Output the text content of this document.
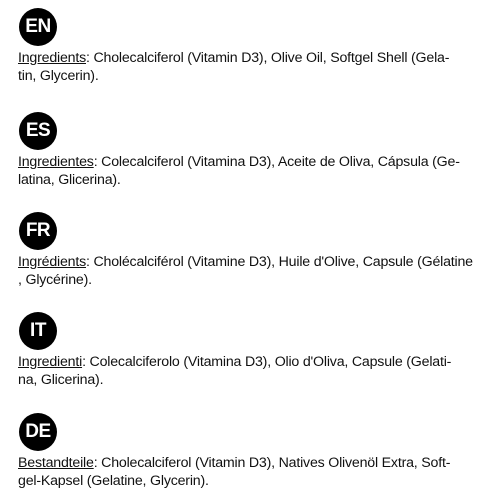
EN
Ingredients: Cholecalciferol (Vitamin D3), Olive Oil, Softgel Shell (Gela-
tin, Glycerin).
ES
Ingredientes: Colecalciferol (Vitamina D3), Aceite de Oliva, Cápsula (Ge-
latina, Glicerina).
FR
Ingrédients: Cholécalciférol (Vitamine D3), Huile d'Olive, Capsule (Gélatine
, Glycérine).
IT
Ingredienti: Colecalciferolo (Vitamina D3), Olio d'Oliva, Capsule (Gelati-
na, Glicerina).
DE
Bestandteile: Cholecalciferol (Vitamin D3), Natives Olivenöl Extra, Soft-
gel-Kapsel (Gelatine, Glycerin).
